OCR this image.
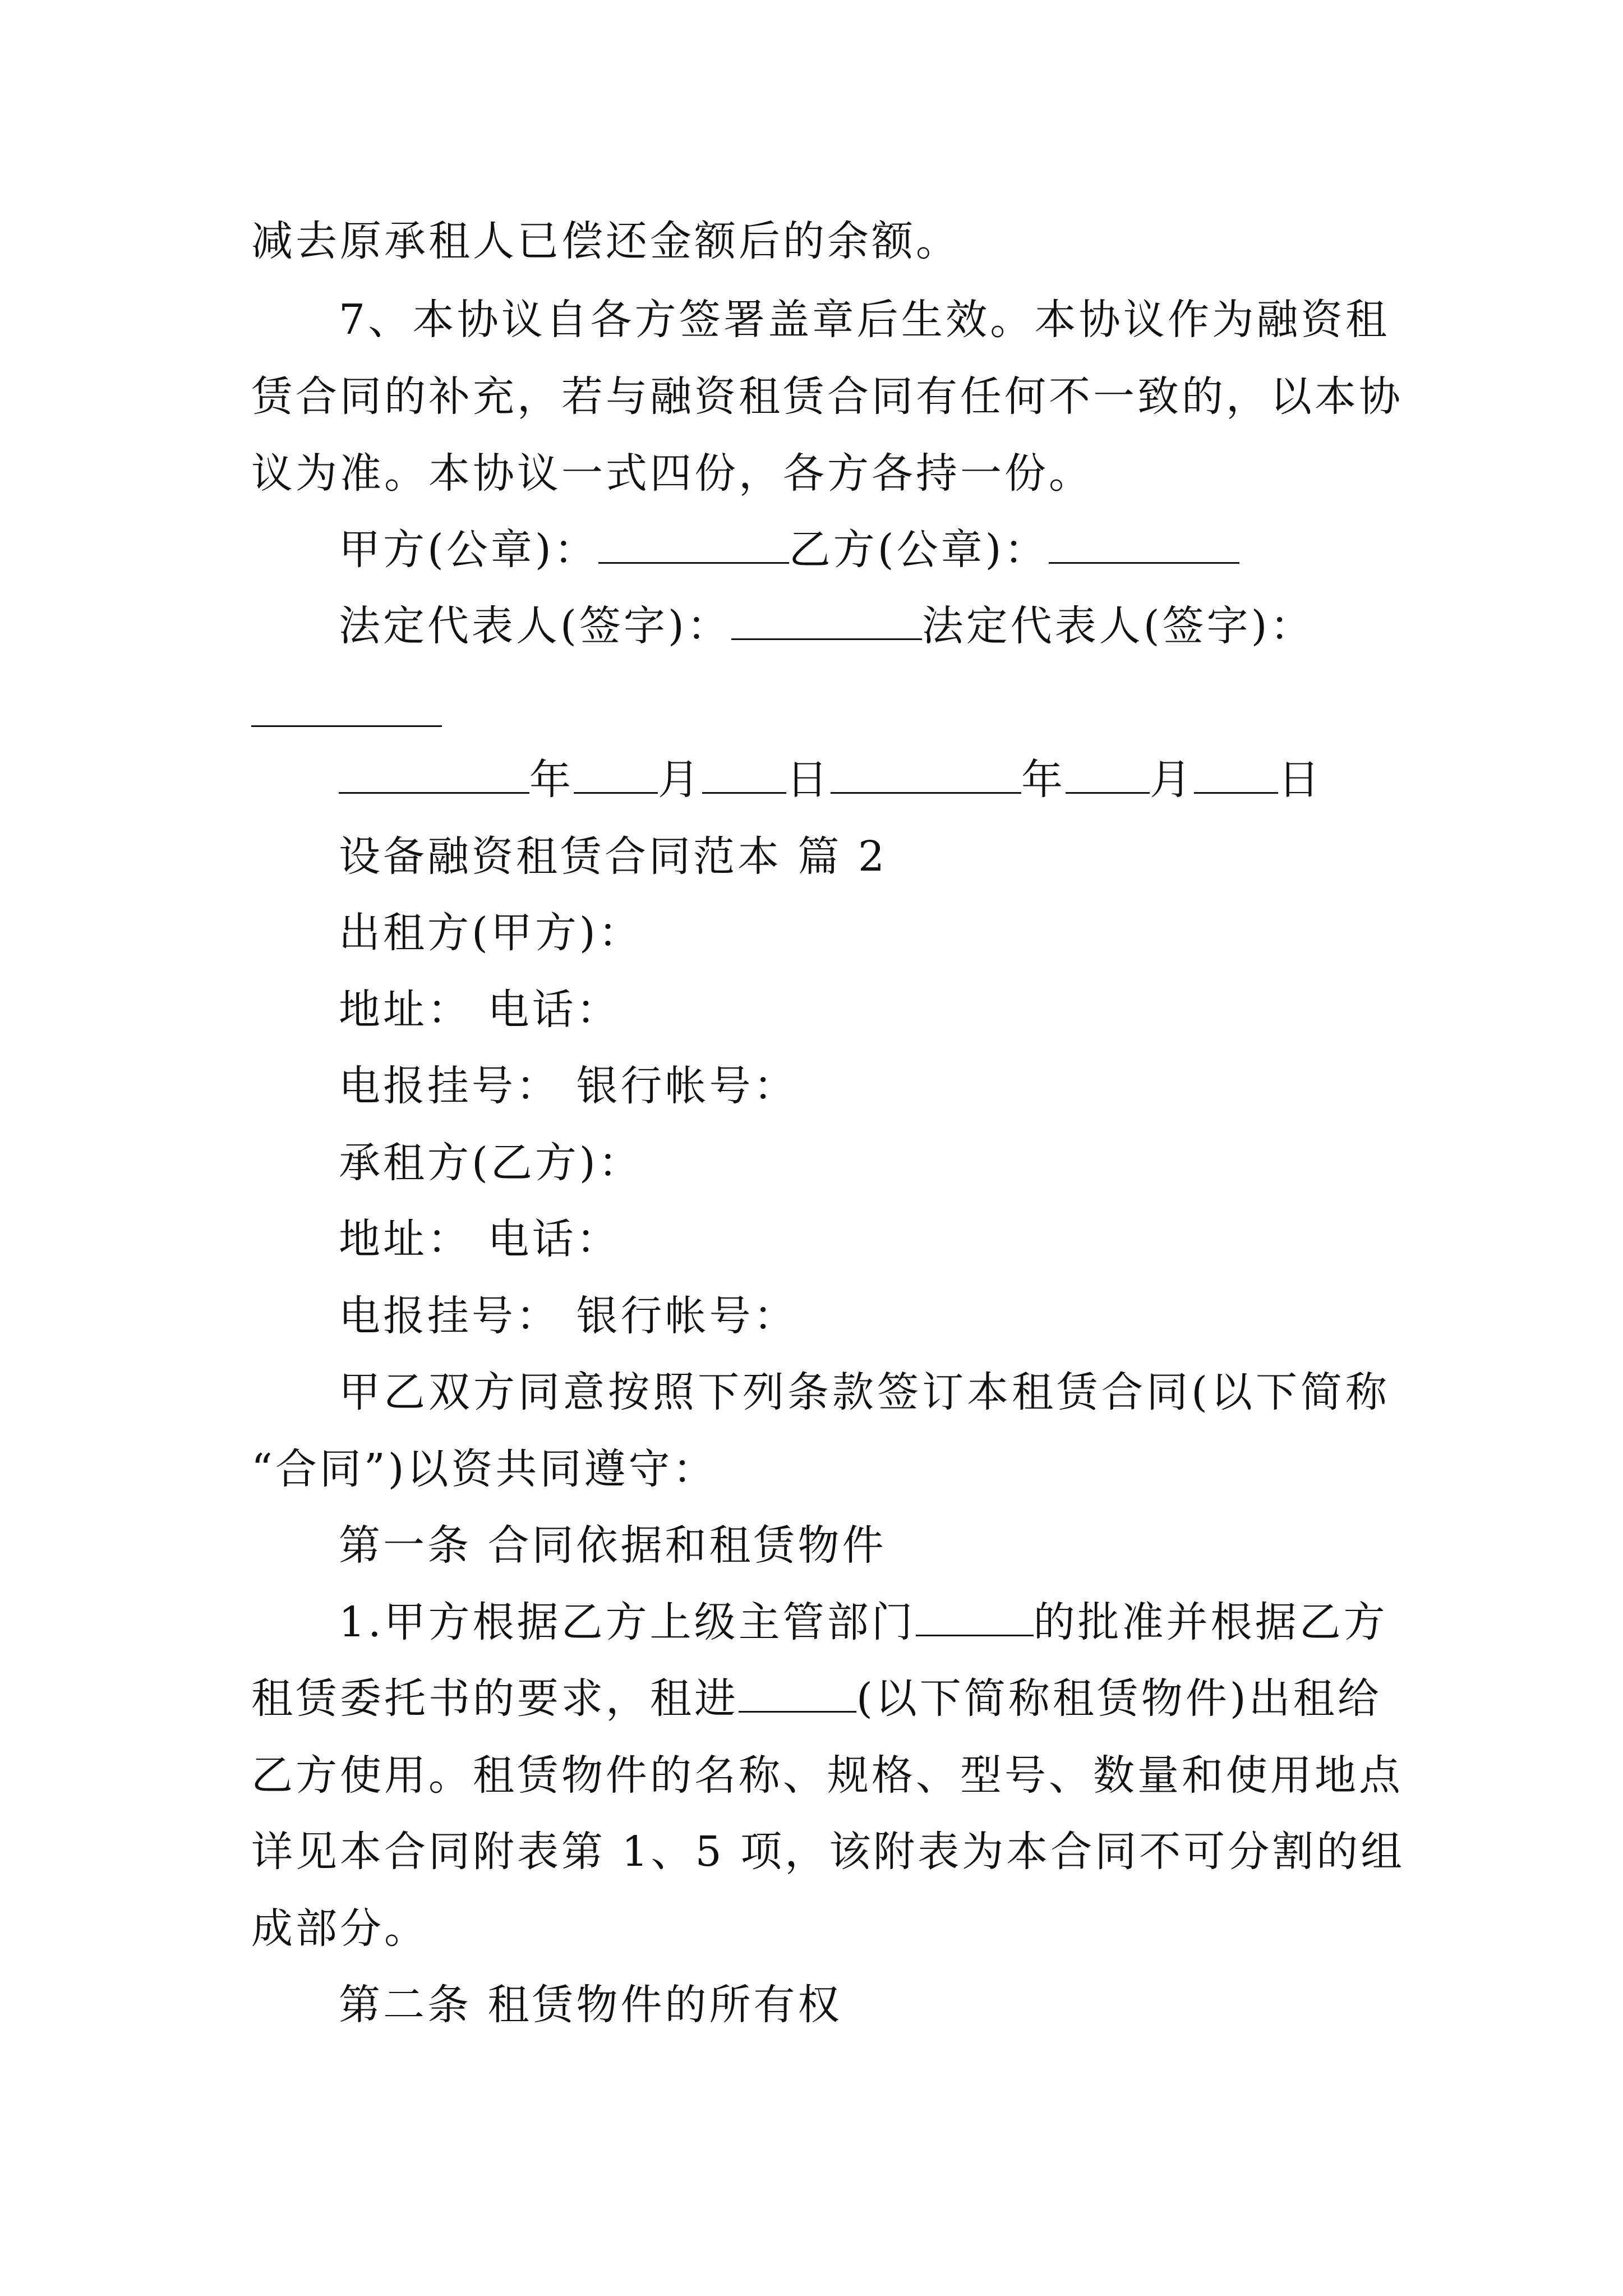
减去原承租人已偿还金额后的余额。
7、本协议自各方签署盖章后生效。本协议作为融资租
赁合同的补充，若与融资租赁合同有任何不一致的，以本协
议为准。本协议一式四份，各方各持一份。
甲方(公章)：	乙方(公章)：
法定代表人(签字)：	法定代表人(签字)：
年 月 日	年 月 日
设备融资租赁合同范本 篇 2
出租方(甲方)：
地址： 电话：
电报挂号： 银行帐号：
承租方(乙方)：
地址： 电话：
电报挂号： 银行帐号：
甲乙双方同意按照下列条款签订本租赁合同(以下简称
“合同”)以资共同遵守：
第一条 合同依据和租赁物件
1.甲方根据乙方上级主管部门	的批准并根据乙方
租赁委托书的要求，租进	(以下简称租赁物件)出租给
乙方使用。租赁物件的名称、规格、型号、数量和使用地点
详见本合同附表第 1、5 项，该附表为本合同不可分割的组
成部分。
第二条 租赁物件的所有权
